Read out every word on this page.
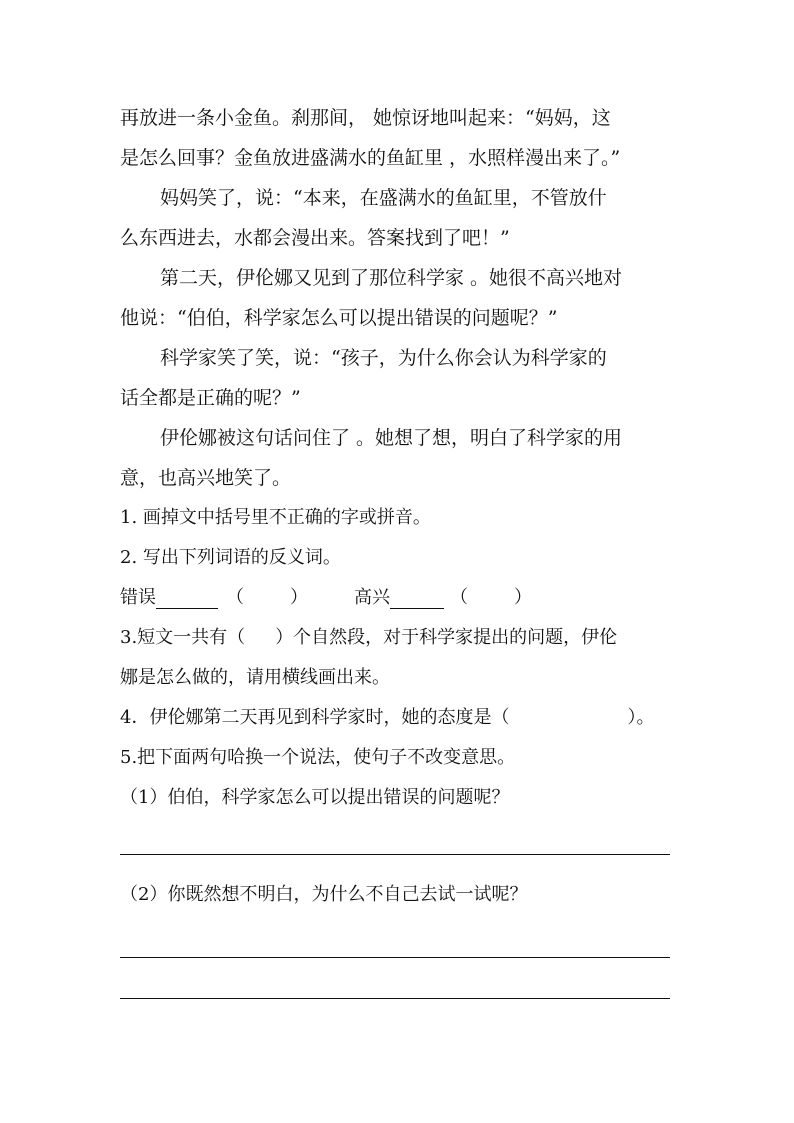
再放进一条小金鱼。刹那间， 她惊讶地叫起来：“妈妈，这
是怎么回事？金鱼放进盛满水的鱼缸里 ，水照样漫出来了。”
妈妈笑了，说：“本来，在盛满水的鱼缸里，不管放什
么东西进去，水都会漫出来。答案找到了吧！”
第二天，伊伦娜又见到了那位科学家 。她很不高兴地对
他说：“伯伯，科学家怎么可以提出错误的问题呢？”
科学家笑了笑，说：“孩子，为什么你会认为科学家的
话全都是正确的呢？”
伊伦娜被这句话问住了 。她想了想，明白了科学家的用
意，也高兴地笑了。
1. 画掉文中括号里不正确的字或拼音。
2. 写出下列词语的反义词。
错误	（	）	高兴	（	）
3.短文一共有（ ）个自然段，对于科学家提出的问题，伊伦
娜是怎么做的，请用横线画出来。
4．伊伦娜第二天再见到科学家时，她的态度是（	）。
5.把下面两句哈换一个说法，使句子不改变意思。
（1）伯伯，科学家怎么可以提出错误的问题呢？
（2）你既然想不明白，为什么不自己去试一试呢？
